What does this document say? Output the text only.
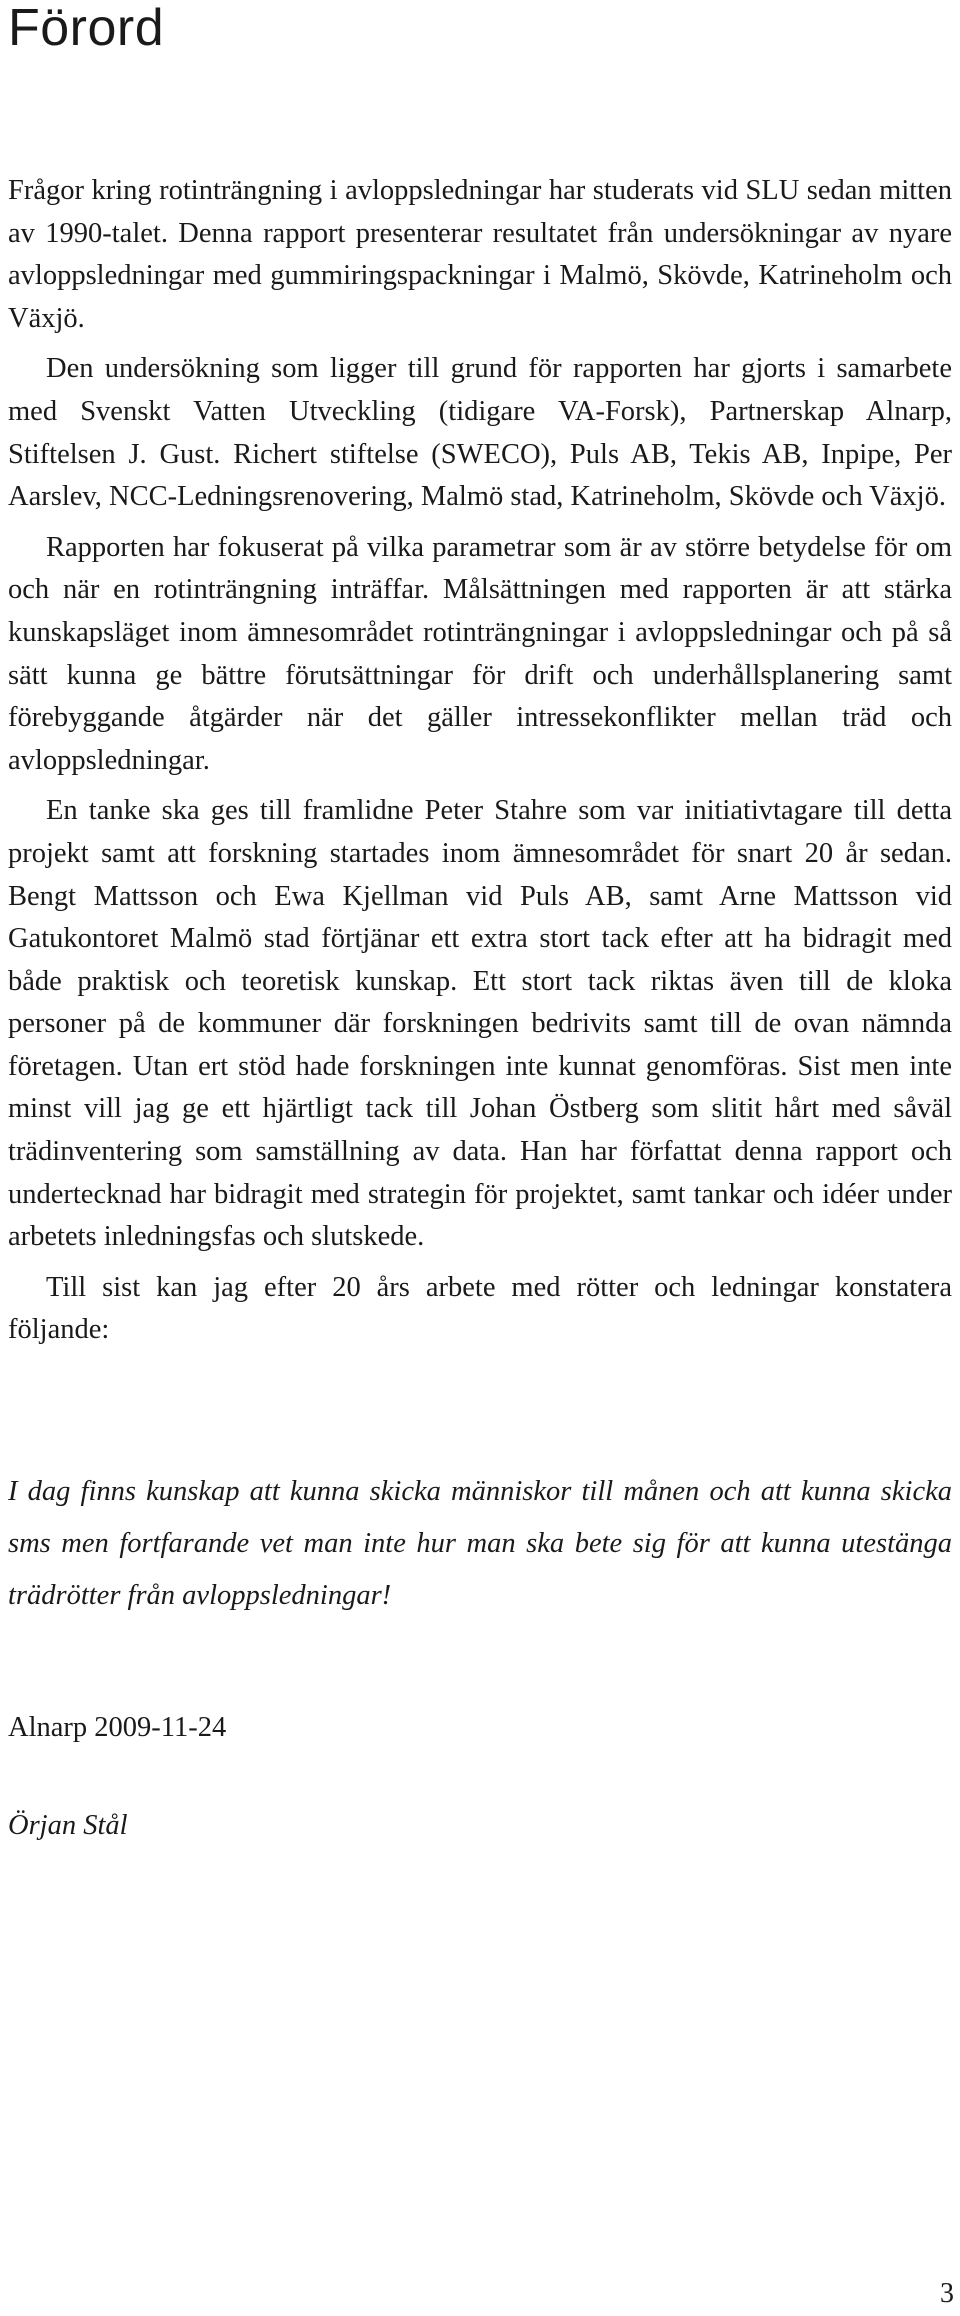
Förord

Frågor kring rotinträngning i avloppsledningar har studerats vid SLU sedan mitten av 1990-talet. Denna rapport presenterar resultatet från undersökningar av nyare avloppsledningar med gummiringspackningar i Malmö, Skövde, Katrineholm och Växjö.

Den undersökning som ligger till grund för rapporten har gjorts i samarbete med Svenskt Vatten Utveckling (tidigare VA-Forsk), Partnerskap Alnarp, Stiftelsen J. Gust. Richert stiftelse (SWECO), Puls AB, Tekis AB, Inpipe, Per Aarslev, NCC-Ledningsrenovering, Malmö stad, Katrineholm, Skövde och Växjö.

Rapporten har fokuserat på vilka parametrar som är av större betydelse för om och när en rotinträngning inträffar. Målsättningen med rapporten är att stärka kunskapsläget inom ämnesområdet rotinträngningar i avloppsledningar och på så sätt kunna ge bättre förutsättningar för drift och underhållsplanering samt förebyggande åtgärder när det gäller intressekonflikter mellan träd och avloppsledningar.

En tanke ska ges till framlidne Peter Stahre som var initiativtagare till detta projekt samt att forskning startades inom ämnesområdet för snart 20 år sedan. Bengt Mattsson och Ewa Kjellman vid Puls AB, samt Arne Mattsson vid Gatukontoret Malmö stad förtjänar ett extra stort tack efter att ha bidragit med både praktisk och teoretisk kunskap. Ett stort tack riktas även till de kloka personer på de kommuner där forskningen bedrivits samt till de ovan nämnda företagen. Utan ert stöd hade forskningen inte kunnat genomföras. Sist men inte minst vill jag ge ett hjärtligt tack till Johan Östberg som slitit hårt med såväl trädinventering som samställning av data. Han har författat denna rapport och undertecknad har bidragit med strategin för projektet, samt tankar och idéer under arbetets inledningsfas och slutskede.

Till sist kan jag efter 20 års arbete med rötter och ledningar konstatera följande:

I dag finns kunskap att kunna skicka människor till månen och att kunna skicka sms men fortfarande vet man inte hur man ska bete sig för att kunna utestänga trädrötter från avloppsledningar!

Alnarp 2009-11-24

Örjan Stål

3
